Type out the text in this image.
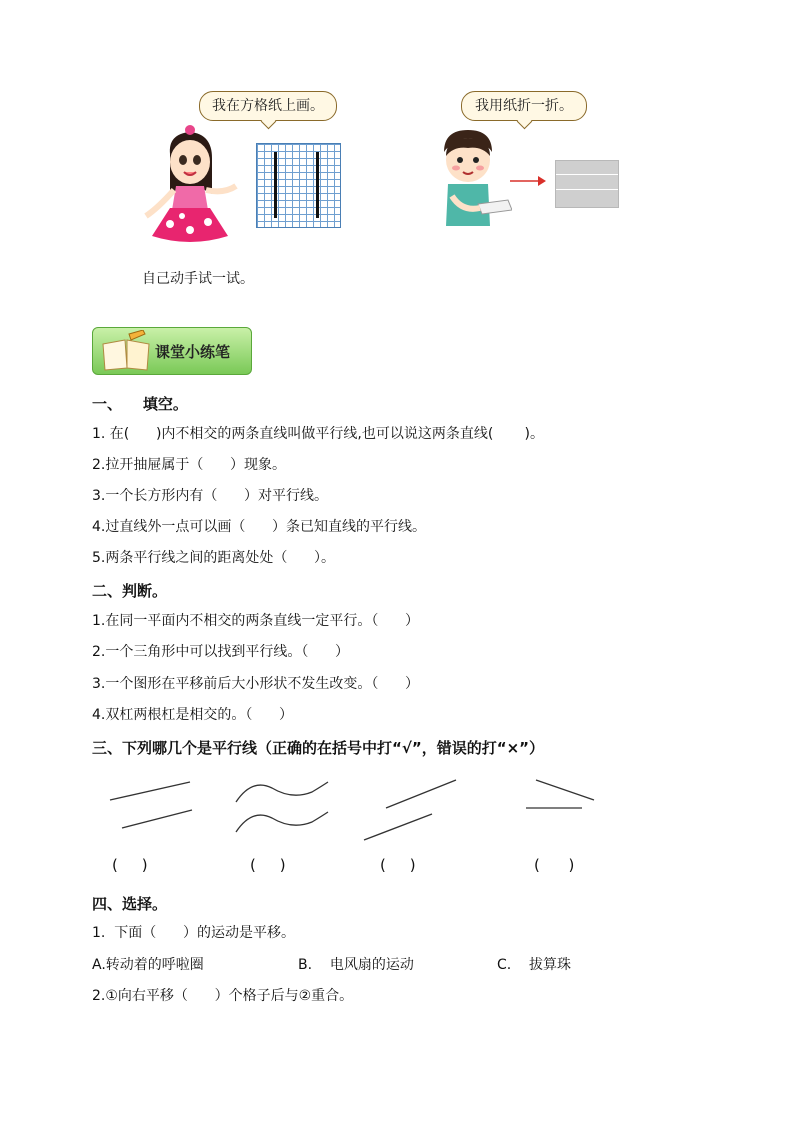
我在方格纸上画。	我用纸折一折。
自己动手试一试。
课堂小练笔
一、    填空。
1. 在(      )内不相交的两条直线叫做平行线,也可以说这两条直线(       )。
2.拉开抽屉属于（      ）现象。
3.一个长方形内有（      ）对平行线。
4.过直线外一点可以画（      ）条已知直线的平行线。
5.两条平行线之间的距离处处（      ）。
二、判断。
1.在同一平面内不相交的两条直线一定平行。（      ）
2.一个三角形中可以找到平行线。（      ）
3.一个图形在平移前后大小形状不发生改变。（      ）
4.双杠两根杠是相交的。（      ）
三、下列哪几个是平行线（正确的在括号中打“√”，错误的打“×”）
(     )	(     )	(     )	(      )
四、选择。
1.  下面（      ）的运动是平移。
A.转动着的呼啦圈	B.    电风扇的运动	C.    拔算珠
2.①向右平移（      ）个格子后与②重合。
